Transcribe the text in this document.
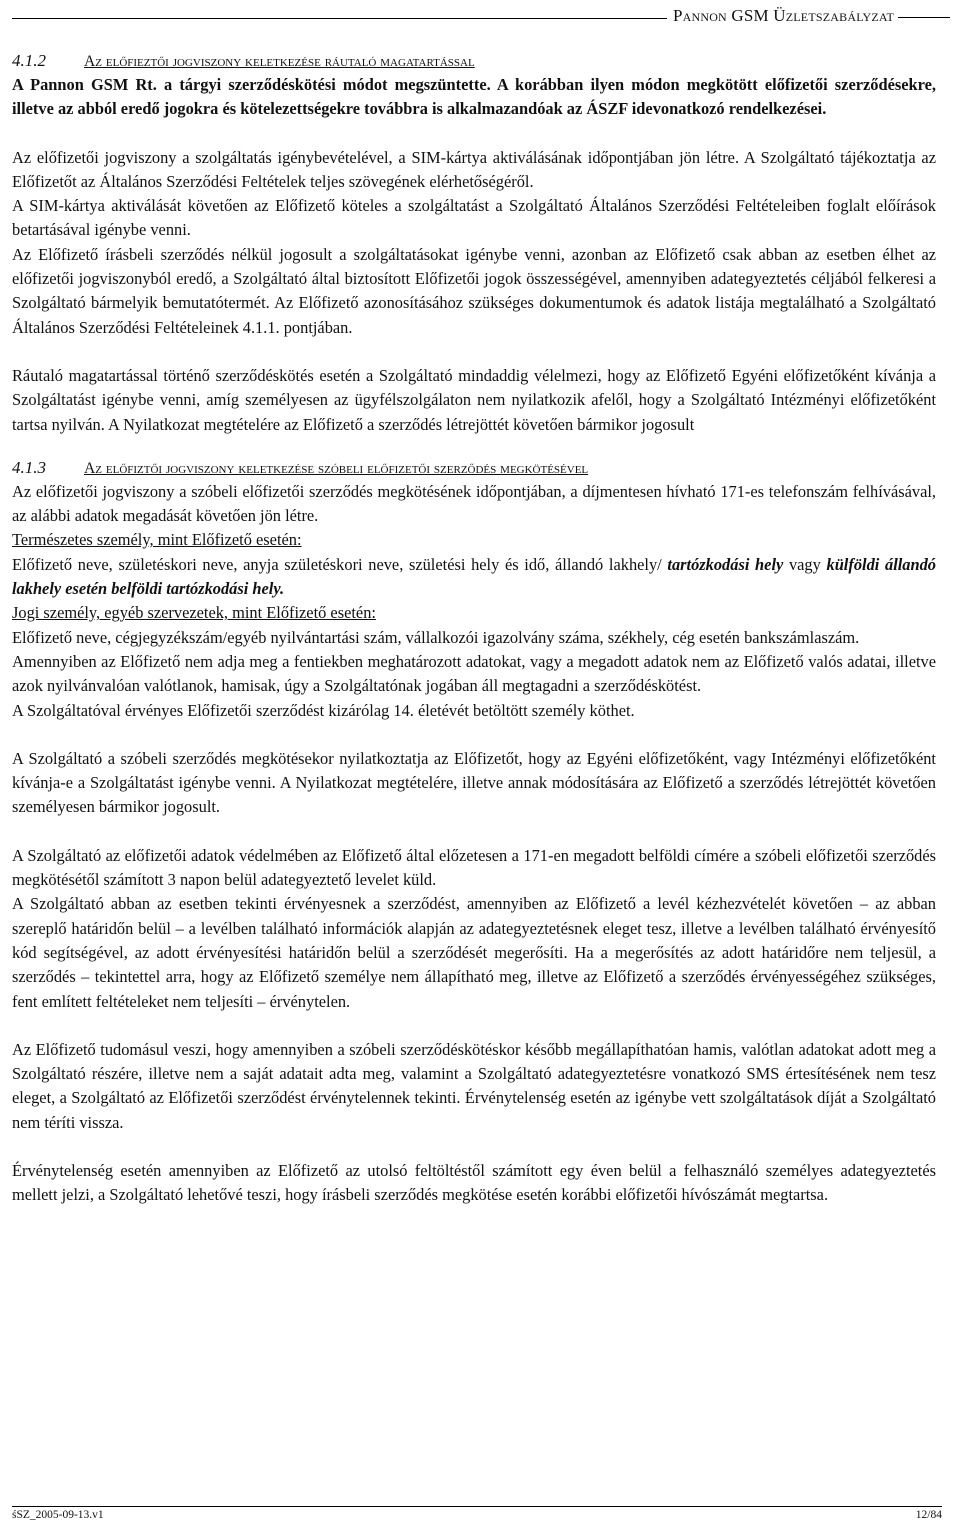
Pannon GSM Üzletszabályzat
4.1.2 Az előfieztői jogviszony keletkezése ráutaló magatartással

A Pannon GSM Rt. a tárgyi szerződéskötési módot megszüntette. A korábban ilyen módon megkötött előfizetői szerződésekre, illetve az abból eredő jogokra és kötelezettségekre továbbra is alkalmazandóak az ÁSZF idevonatkozó rendelkezései.

Az előfizetői jogviszony a szolgáltatás igénybevételével, a SIM-kártya aktiválásának időpontjában jön létre. A Szolgáltató tájékoztatja az Előfizetőt az Általános Szerződési Feltételek teljes szövegének elérhetőségéről.

A SIM-kártya aktiválását követően az Előfizető köteles a szolgáltatást a Szolgáltató Általános Szerződési Feltételeiben foglalt előírások betartásával igénybe venni.

Az Előfizető írásbeli szerződés nélkül jogosult a szolgáltatásokat igénybe venni, azonban az Előfizető csak abban az esetben élhet az előfizetői jogviszonyból eredő, a Szolgáltató által biztosított Előfizetői jogok összességével, amennyiben adategyeztetés céljából felkeresi a Szolgáltató bármelyik bemutatótermét. Az Előfizető azonosításához szükséges dokumentumok és adatok listája megtalálható a Szolgáltató Általános Szerződési Feltételeinek 4.1.1. pontjában.

Ráutaló magatartással történő szerződéskötés esetén a Szolgáltató mindaddig vélelmezi, hogy az Előfizető Egyéni előfizetőként kívánja a Szolgáltatást igénybe venni, amíg személyesen az ügyfélszolgálaton nem nyilatkozik afelől, hogy a Szolgáltató Intézményi előfizetőként tartsa nyilván. A Nyilatkozat megtételére az Előfizető a szerződés létrejöttét követően bármikor jogosult

4.1.3 Az előfiztői jogviszony keletkezése szóbeli előfizetői szerződés megkötésével

Az előfizetői jogviszony a szóbeli előfizetői szerződés megkötésének időpontjában, a díjmentesen hívható 171-es telefonszám felhívásával, az alábbi adatok megadását követően jön létre.

Természetes személy, mint Előfizető esetén:

Előfizető neve, születéskori neve, anyja születéskori neve, születési hely és idő, állandó lakhely/ tartózkodási hely vagy külföldi állandó lakhely esetén belföldi tartózkodási hely.

Jogi személy, egyéb szervezetek, mint Előfizető esetén:

Előfizető neve, cégjegyzékszám/egyéb nyilvántartási szám, vállalkozói igazolvány száma, székhely, cég esetén bankszámlaszám.

Amennyiben az Előfizető nem adja meg a fentiekben meghatározott adatokat, vagy a megadott adatok nem az Előfizető valós adatai, illetve azok nyilvánvalóan valótlanok, hamisak, úgy a Szolgáltatónak jogában áll megtagadni a szerződéskötést.

A Szolgáltatóval érvényes Előfizetői szerződést kizárólag 14. életévét betöltött személy köthet.

A Szolgáltató a szóbeli szerződés megkötésekor nyilatkoztatja az Előfizetőt, hogy az Egyéni előfizetőként, vagy Intézményi előfizetőként kívánja-e a Szolgáltatást igénybe venni. A Nyilatkozat megtételére, illetve annak módosítására az Előfizető a szerződés létrejöttét követően személyesen bármikor jogosult.

A Szolgáltató az előfizetői adatok védelmében az Előfizető által előzetesen a 171-en megadott belföldi címére a szóbeli előfizetői szerződés megkötésétől számított 3 napon belül adategyeztető levelet küld.

A Szolgáltató abban az esetben tekinti érvényesnek a szerződést, amennyiben az Előfizető a levél kézhezvételét követően – az abban szereplő határidőn belül – a levélben található információk alapján az adategyeztetésnek eleget tesz, illetve a levélben található érvényesítő kód segítségével, az adott érvényesítési határidőn belül a szerződését megerősíti. Ha a megerősítés az adott határidőre nem teljesül, a szerződés – tekintettel arra, hogy az Előfizető személye nem állapítható meg, illetve az Előfizető a szerződés érvényességéhez szükséges, fent említett feltételeket nem teljesíti – érvénytelen.

Az Előfizető tudomásul veszi, hogy amennyiben a szóbeli szerződéskötéskor később megállapíthatóan hamis, valótlan adatokat adott meg a Szolgáltató részére, illetve nem a saját adatait adta meg, valamint a Szolgáltató adategyeztetésre vonatkozó SMS értesítésének nem tesz eleget, a Szolgáltató az Előfizetői szerződést érvénytelennek tekinti. Érvénytelenség esetén az igénybe vett szolgáltatások díját a Szolgáltató nem téríti vissza.

Érvénytelenség esetén amennyiben az Előfizető az utolsó feltöltéstől számított egy éven belül a felhasználó személyes adategyeztetés mellett jelzi, a Szolgáltató lehetővé teszi, hogy írásbeli szerződés megkötése esetén korábbi előfizetői hívószámát megtartsa.

śSZ_2005-09-13.v1	12/84
